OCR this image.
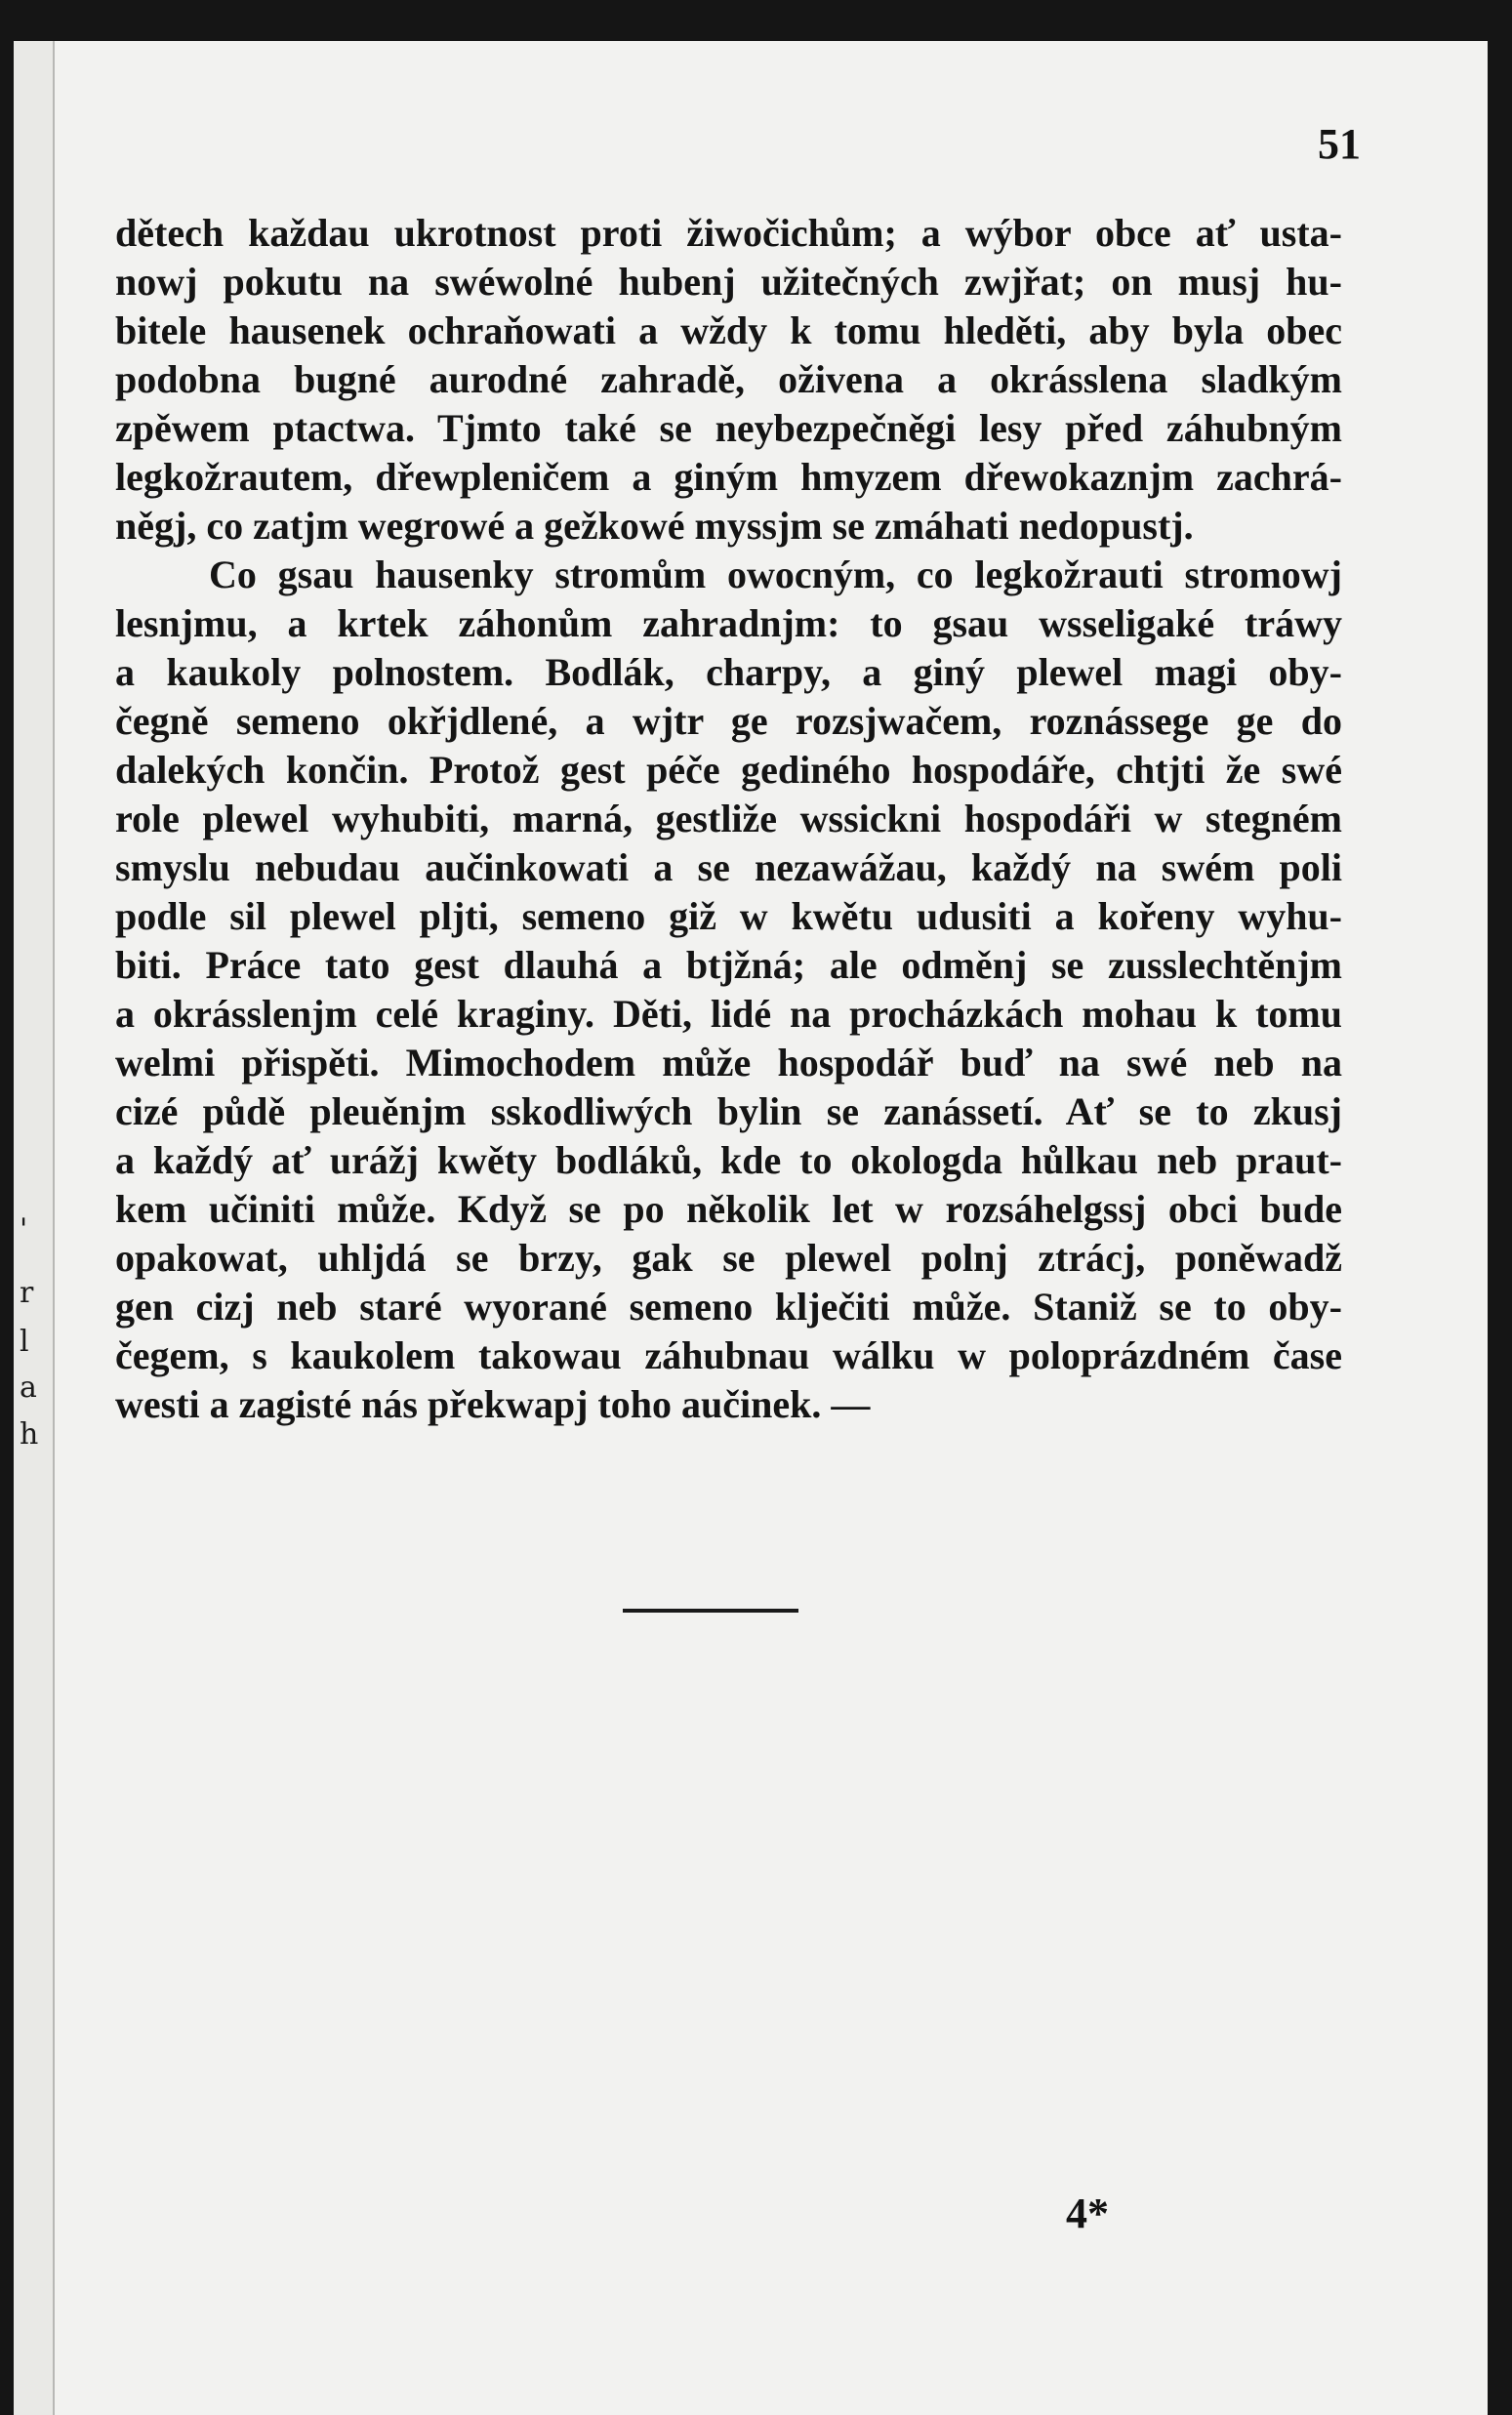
'
r
l
a
h
51
dětech každau ukrotnost proti žiwočichům; a wýbor obce ať usta-
nowj pokutu na swéwolné hubenj užitečných zwjřat; on musj hu-
bitele hausenek ochraňowati a wždy k tomu hleděti, aby byla obec
podobna bugné aurodné zahradě, oživena a okrásslena sladkým
zpěwem ptactwa. Tjmto také se neybezpečněgi lesy před záhubným
legkožrautem, dřewpleničem a giným hmyzem dřewokaznjm zachrá-
něgj, co zatjm wegrowé a gežkowé myssjm se zmáhati nedopustj.
Co gsau hausenky stromům owocným, co legkožrauti stromowj
lesnjmu, a krtek záhonům zahradnjm: to gsau wsseligaké tráwy
a kaukoly polnostem. Bodlák, charpy, a giný plewel magi oby-
čegně semeno okřjdlené, a wjtr ge rozsjwačem, roznássege ge do
dalekých končin. Protož gest péče gediného hospodáře, chtjti že swé
role plewel wyhubiti, marná, gestliže wssickni hospodáři w stegném
smyslu nebudau aučinkowati a se nezawážau, každý na swém poli
podle sil plewel pljti, semeno giž w kwětu udusiti a kořeny wyhu-
biti. Práce tato gest dlauhá a btjžná; ale odměnj se zusslechtěnjm
a okrásslenjm celé kraginy. Děti, lidé na procházkách mohau k tomu
welmi přispěti. Mimochodem může hospodář buď na swé neb na
cizé půdě pleuěnjm sskodliwých bylin se zanássetí. Ať se to zkusj
a každý ať urážj kwěty bodláků, kde to okologda hůlkau neb praut-
kem učiniti může. Když se po několik let w rozsáhelgssj obci bude
opakowat, uhljdá se brzy, gak se plewel polnj ztrácj, poněwadž
gen cizj neb staré wyorané semeno klječiti může. Staniž se to oby-
čegem, s kaukolem takowau záhubnau wálku w poloprázdném časе
westi a zagisté nás překwapj toho aučinek. —
4*
